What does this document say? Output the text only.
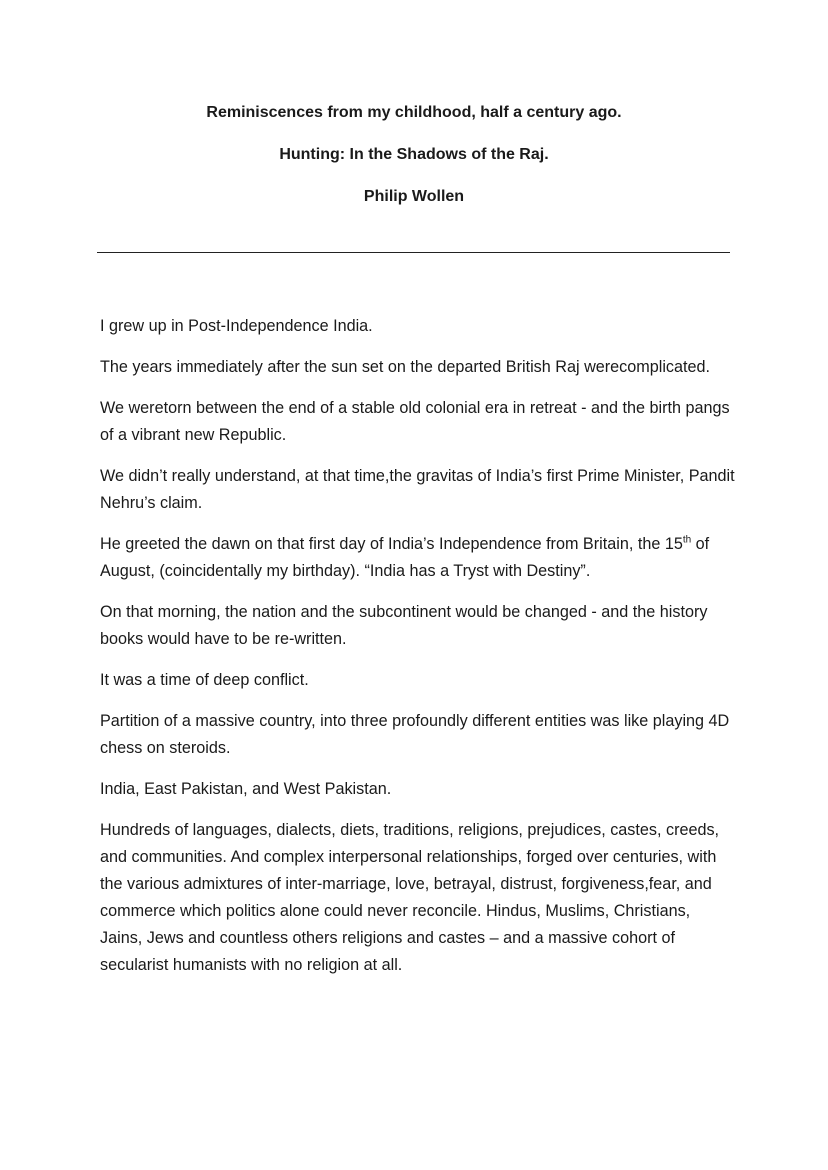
Reminiscences from my childhood, half a century ago.
Hunting: In the Shadows of the Raj.
Philip Wollen

I grew up in Post-Independence India.

The years immediately after the sun set on the departed British Raj werecomplicated.

We weretorn between the end of a stable old colonial era in retreat - and the birth pangs of a vibrant new Republic.

We didn’t really understand, at that time,the gravitas of India’s first Prime Minister, Pandit Nehru’s claim.

He greeted the dawn on that first day of India’s Independence from Britain, the 15th of August, (coincidentally my birthday). “India has a Tryst with Destiny”.

On that morning, the nation and the subcontinent would be changed - and the history books would have to be re-written.

It was a time of deep conflict.

Partition of a massive country, into three profoundly different entities was like playing 4D chess on steroids.

India, East Pakistan, and West Pakistan.

Hundreds of languages, dialects, diets, traditions, religions, prejudices, castes, creeds, and communities. And complex interpersonal relationships, forged over centuries, with the various admixtures of inter-marriage, love, betrayal, distrust, forgiveness,fear, and commerce which politics alone could never reconcile. Hindus, Muslims, Christians, Jains, Jews and countless others religions and castes – and a massive cohort of secularist humanists with no religion at all.
